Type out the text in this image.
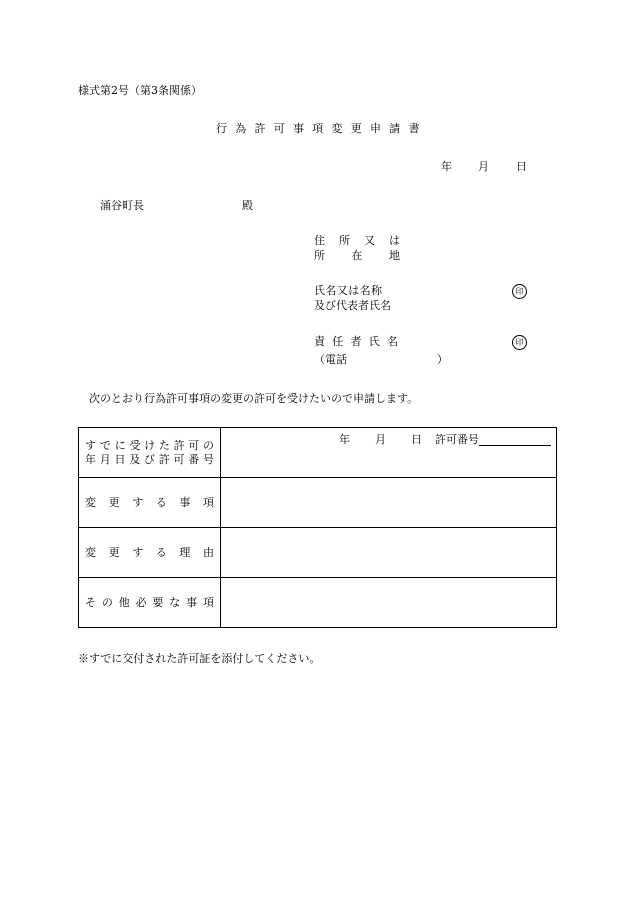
様式第2号（第3条関係）
行為許可事項変更申請書
年 月 日
涌谷町長	殿
住所又は
所在地
氏名又は名称
及び代表者氏名
印
責任者氏名	印
（電話	）
次のとおり行為許可事項の変更の許可を受けたいので申請します。
すでに受けた許可の
年月日及び許可番号	年 月 日 許可番号

変更する事項	

変更する理由	

その他必要な事項	

※すでに交付された許可証を添付してください。
